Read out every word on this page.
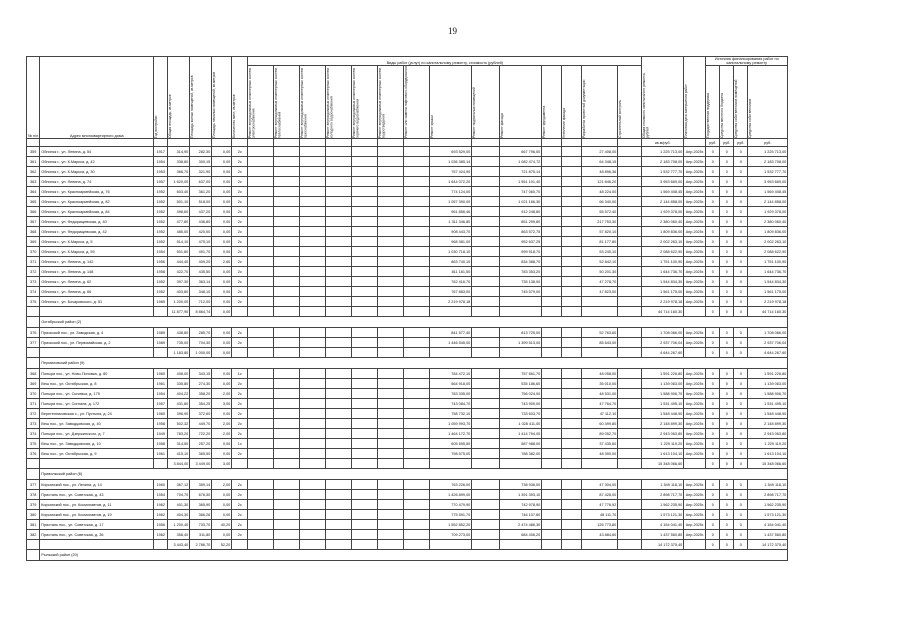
19
№ п/п	Адрес многоквартирного дома	Год постройки	Общая площадь, кв.метров	Площадь жилых помещений, кв.метров	Площадь нежилых помещений, кв.метров	Количество мест, кв.метров	Виды работ (услуг) по капитальному ремонту, стоимость (рублей)														Общая стоимость капитального ремонта, рублей	Плановая дата завершения работ	Источник финансирования работ по капитальному ремонту			

							Ремонт внутридомовых инженерных систем электроснабжения	Ремонт внутридомовых инженерных систем теплоснабжения	Ремонт внутридомовых инженерных систем газоснабжения	Ремонт внутридомовых инженерных систем холодного водоснабжения	Ремонт внутридомовых инженерных систем горячего водоснабжения	Ремонт внутридомовых инженерных систем водоотведения	Ремонт или замена лифтового оборудования	Ремонт крыши	Ремонт подвальных помещений	Ремонт фасада	Ремонт фундамента	Утепление фасада	Разработка проектной документации	Строительный контроль			Государственная поддержка	Средства местного бюджета	Средства собственников помещений	Средства собственников

																					кв.м/руб.		руб.	руб.	руб.	руб.
359	Обнинск г., ул. Ленина, д. 54	1917	314,90	282,30	0,00	2с								693 529,00		667 796,00			27 408,00		1 225 713,00	Апр.2025г.	0	0	0	1 225 713,00
361	Обнинск г., ул. К.Маркса, д. 42	1954	338,80	300,15	0,00	2с								1 036 385,14		1 082 474,72			64 348,15		2 183 708,00	Апр.2025г.	0	0	0	2 183 708,00
362	Обнинск г., ул. К.Маркса, д. 30	1953	366,70	321,90	0,00	2с								757 424,90		721 875,14			48 896,36		1 532 777,70	Апр.2025г.	0	0	0	1 532 777,70
363	Обнинск г., ул. Ленина, д. 74	1957	1 620,00	637,00	0,00	2с								1 644 072,20		1 551 101,40			121 846,20		3 953 669,00	Апр.2025г.	0	0	0	3 953 669,00
364	Обнинск г., ул. Красноармейская, д. 76	1952	603,40	361,20	0,00	2с								774 124,00		747 060,70			48 224,00		1 569 408,45	Апр.2025г.	0	0	0	1 569 408,45
365	Обнинск г., ул. Красноармейская, д. 82	1952	501,10	518,00	0,00	2с								1 057 390,00		1 021 166,30			66 340,00		2 144 858,00	Апр.2025г.	0	0	0	2 144 858,00
366	Обнинск г., ул. Красноармейская, д. 84	1952	498,60	437,20	0,00	2с								961 856,46		912 248,80			55 572,40		1 929 378,00	Апр.2025г.	0	0	0	1 929 378,00
367	Обнинск г., ул. Федорищевская, д. 40	1952	477,80	436,80	0,00	2с								1 311 346,80		851 299,80			217 753,30		2 380 060,40	Апр.2025г.	0	0	0	2 380 060,40
368	Обнинск г., ул. Федорищевская, д. 42	1952	485,00	420,00	0,00	2с								908 443,70		863 572,75			57 820,10		1 809 836,00	Апр.2025г.	0	0	0	1 809 836,00
369	Обнинск г., ул. К.Маркса, д. 5	1952	514,10	475,10	0,00	2с								968 381,00		952 637,25			81 177,80		2 002 263,10	Апр.2025г.	0	0	0	2 002 263,10
370	Обнинск г., ул. К.Маркса, д. 59	1954	501,80	491,70	0,00	2с								1 030 718,10		999 918,70			53 240,10		2 088 622,90	Апр.2025г.	0	0	0	2 088 622,90
371	Обнинск г., ул. Ленина, д. 142	1956	444,40	409,20	2,60	2с								863 740,10		834 388,70			52 842,10		1 751 100,90	Апр.2025г.	0	0	0	1 751 100,90
372	Обнинск г., ул. Ленина, д. 148	1958	422,70	435,50	0,00	2с								811 181,50		783 353,20			50 201,30		1 644 736,70	Апр.2025г.	0	0	0	1 644 736,70
373	Обнинск г., ул. Ленина, д. 62	1952	397,30	363,14	0,00	2с								762 416,70		735 138,00			47 278,70		1 544 834,30	Апр.2025г.	0	0	0	1 544 834,30
374	Обнинск г., ул. Ленина, д. 66	1952	403,80	348,10	0,00	2с								767 883,00		745 579,00			47 823,00		1 561 175,00	Апр.2025г.	0	0	0	1 561 175,00
375	Обнинск г., ул. Бочаровского, д. 51	1985	1 200,00	712,00	0,00	2с								2 219 978,18							2 219 978,18	Апр.2025г.	0	0	0	2 219 978,18
			11 877,90	8 864,74	0,00																44 714 160,30		0	0	0	44 714 160,30
	Октябрьский район (2)																									
376	Приокский пос., ул. Заводская, д. 4	1989	438,80	285,70	0,00	2с								841 577,40		813 725,00			52 763,60		1 708 066,00	Апр.2025г.	0	0	0	1 708 066,00
377	Приокский пос., ул. Первомайская, д. 2	1989	735,00	704,30	0,00	2с								1 446 545,00		1 399 513,00			85 643,00		2 937 706,04	Апр.2025г.	0	0	0	2 937 706,04
			1 183,80	1 000,00	0,00																4 644 267,60		0	0	0	4 644 267,60
	Пермиловский район (9)																									
368	Поныри пос., ул. Ново-Поповка, д. 80	1960	408,00	343,15	0,00	1с								784 472,10		757 661,70			48 058,00		1 591 226,80	Апр.2025г.	0	0	0	1 591 226,80
369	Веш пос., ул. Октябрьская, д. 8	1961	335,80	274,30	0,00	2с								564 918,00		535 186,60			35 010,00		1 139 063,00	Апр.2025г.	0	0	0	1 139 063,00
370	Поныри пос., ул. Сычевка, д. 175	1954	404,22	358,20	2,00	2с								783 335,00		756 024,00			48 531,00		1 588 906,70	Апр.2025г.	0	0	0	1 588 906,70
371	Поныри пос., ул. Сигнала, д. 172	1957	431,80	354,25	3,00	2с								743 084,70		743 909,00			47 764,70		1 531 495,10	Апр.2025г.	0	0	0	1 531 495,10
372	Веретенниковская с., ул. Пустыня, д. 24	1960	396,90	372,60	0,00	2с								758 732,10		733 603,70			47 112,10		1 548 448,90	Апр.2025г.	0	0	0	1 548 448,90
373	Веш пос., ул. Заводцовская, д. 40	1958	502,32	449,70	2,00	2с								1 059 993,70		1 028 411,00			60 499,80		2 148 899,30	Апр.2025г.	0	0	0	2 148 899,30
374	Поныри пос., ул. Дзержинского, д. 7	1949	783,20	722,20	2,00	2с								1 464 172,70		1 414 794,00			89 052,70		2 943 063,80	Апр.2025г.	0	0	0	2 943 063,80
375	Веш пос., ул. Заводцовская, д. 10	1958	314,50	257,20	0,00	1с								605 695,50		587 988,00			37 435,60		1 229 119,20	Апр.2025г.	0	0	0	1 229 119,20
376	Веш пос., ул. Октябрьская, д. 9	1961	415,10	365,50	0,00	2с								798 575,00		788 382,00			48 390,00		1 613 104,10	Апр.2025г.	0	0	0	1 613 104,10
			3 844,00	3 449,00	3,00																15 348 066,60		0	0	0	15 348 066,60
	Приволжский район (6)																									
377	Кирсанский пос., ул. Ленина, д. 14	1960	367,12	359,14	2,00	2с								763 226,00		738 936,00			47 304,00		1 549 118,10	Апр.2025г.	0	0	0	1 549 118,10
378	Пристань пос., ул. Советская, д. 43	1954	704,70	676,30	0,00	2с								1 426 899,00		1 391 393,10			87 428,00		2 898 717,70	Апр.2025г.	0	0	0	2 898 717,70
379	Кирсанский пос., ул. Космонавтов, д. 11	1962	401,30	365,90	0,00	2с								770 479,90		742 978,90			47 776,92		1 562 235,90	Апр.2025г.	0	0	0	1 562 235,90
380	Кирсанский пос., ул. Космонавтов, д. 19	1962	404,30	366,26	0,00	2с								775 591,70		746 107,80			48 111,70		1 573 121,30	Апр.2025г.	0	0	0	1 573 121,30
381	Пристань пос., ул. Советская, д. 17	1956	1 200,40	733,70	40,20	2с								1 552 852,20		2 474 486,30			126 773,80		4 154 041,40	Апр.2025г.	0	0	0	4 154 041,40
382	Пристань пос., ул. Советская, д. 36	1962	358,40	311,80	0,00	2с								709 273,00		684 406,20			43 884,60		1 437 560,80	Апр.2025г.	0	0	0	1 437 560,80
			3 443,40	2 786,70	52,20																14 172 375,40		0	0	0	14 172 375,40
	Рыльский район (20)																									
